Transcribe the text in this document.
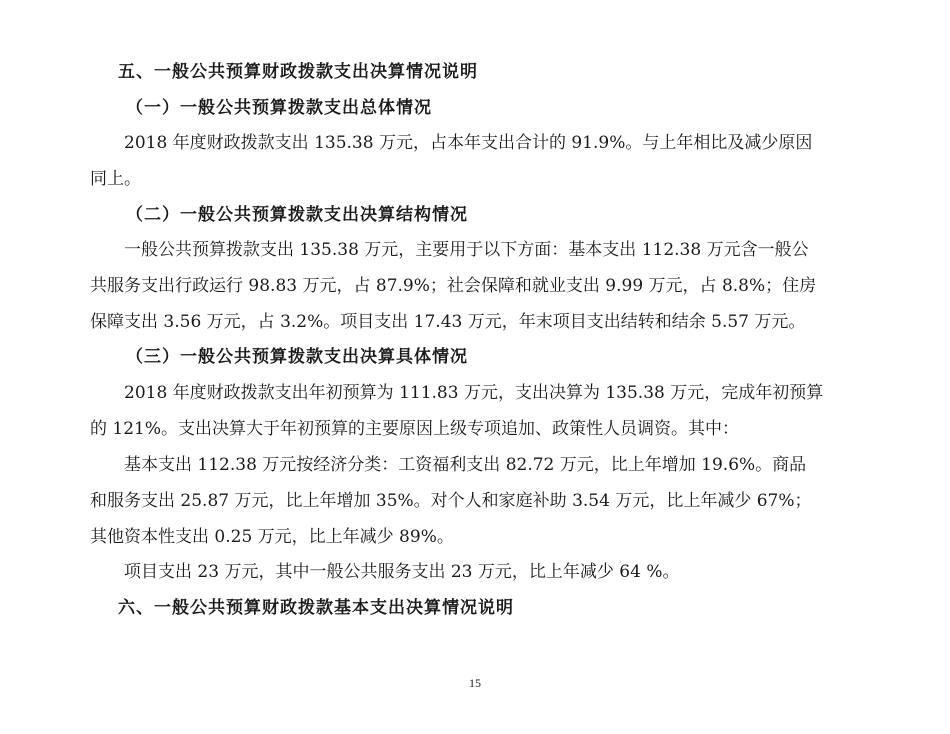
五、一般公共预算财政拨款支出决算情况说明
（一）一般公共预算拨款支出总体情况
2018 年度财政拨款支出 135.38 万元，占本年支出合计的 91.9%。与上年相比及减少原因
同上。
（二）一般公共预算拨款支出决算结构情况
一般公共预算拨款支出 135.38 万元，主要用于以下方面：基本支出 112.38 万元含一般公
共服务支出行政运行 98.83 万元，占 87.9%；社会保障和就业支出 9.99 万元，占 8.8%；住房
保障支出 3.56 万元，占 3.2%。项目支出 17.43 万元，年末项目支出结转和结余 5.57 万元。
（三）一般公共预算拨款支出决算具体情况
2018 年度财政拨款支出年初预算为 111.83 万元，支出决算为 135.38 万元，完成年初预算
的 121%。支出决算大于年初预算的主要原因上级专项追加、政策性人员调资。其中：
基本支出 112.38 万元按经济分类：工资福利支出 82.72 万元，比上年增加 19.6%。商品
和服务支出 25.87 万元，比上年增加 35%。对个人和家庭补助 3.54 万元，比上年减少 67%；
其他资本性支出 0.25 万元，比上年减少 89%。
项目支出 23 万元，其中一般公共服务支出 23 万元，比上年减少 64 %。
六、一般公共预算财政拨款基本支出决算情况说明
15
